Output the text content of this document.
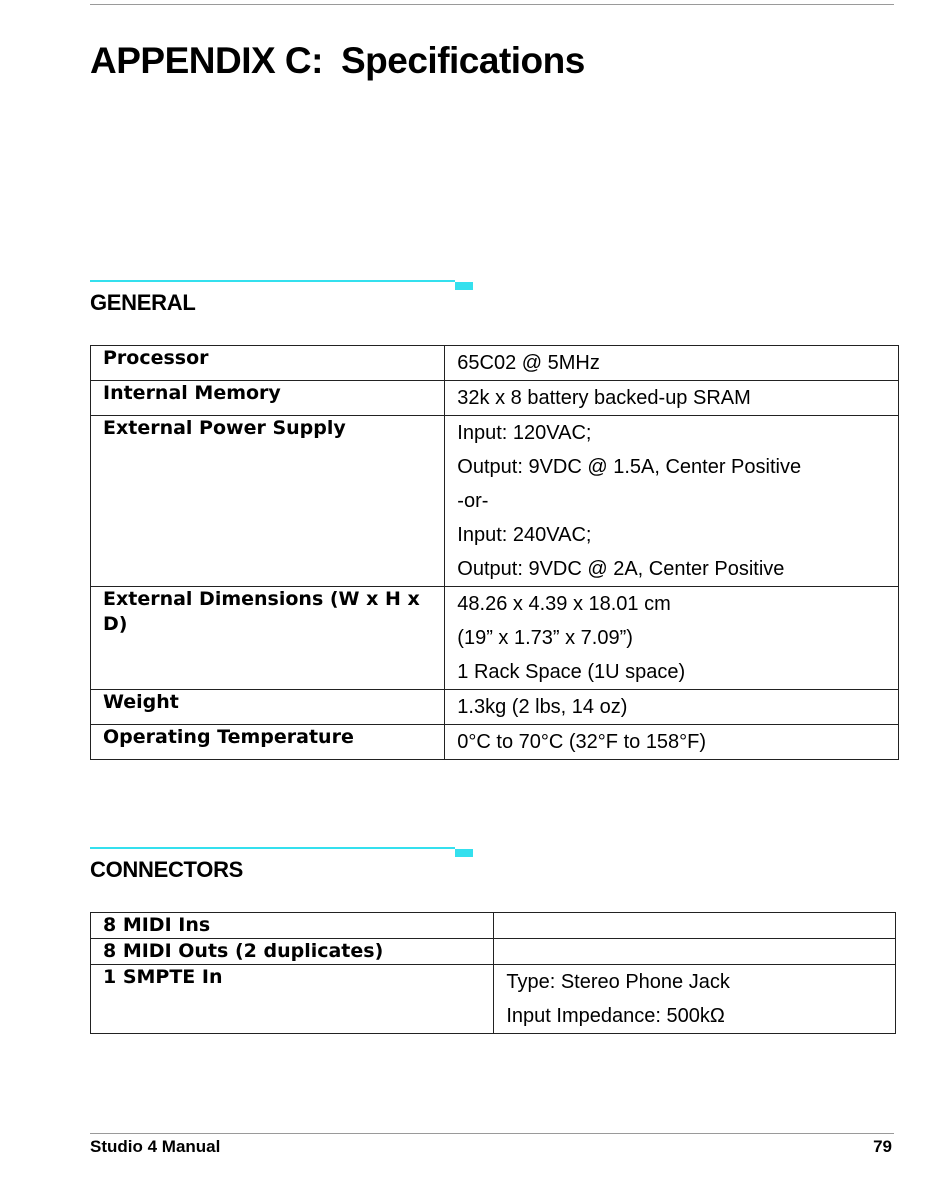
APPENDIX C: Specifications
GENERAL
Processor	65C02 @ 5MHz

Internal Memory	32k x 8 battery backed-up SRAM

External Power Supply	Input: 120VAC;
Output: 9VDC @ 1.5A, Center Positive
-or-
Input: 240VAC;
Output: 9VDC @ 2A, Center Positive

External Dimensions (W x H x D)	48.26 x 4.39 x 18.01 cm
(19” x 1.73” x 7.09”)
1 Rack Space (1U space)

Weight	1.3kg (2 lbs, 14 oz)

Operating Temperature	0°C to 70°C (32°F to 158°F)
CONNECTORS
8 MIDI Ins	
8 MIDI Outs (2 duplicates)	
1 SMPTE In	Type: Stereo Phone Jack
Input Impedance: 500kΩ
Studio 4 Manual	79
